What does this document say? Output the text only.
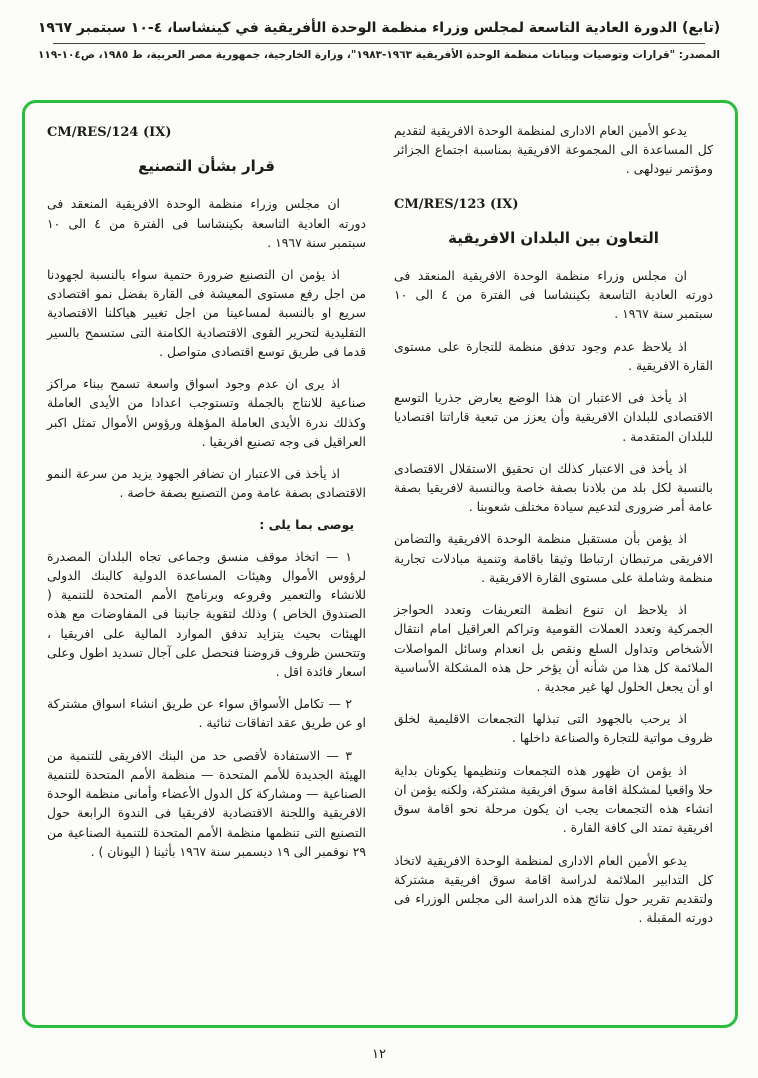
(تابع) الدورة العادية التاسعة لمجلس وزراء منظمة الوحدة الأفريقية في كينشاسا، ٤-١٠ سبتمبر ١٩٦٧
المصدر: "قرارات وتوصيات وبيانات منظمة الوحدة الأفريقية ١٩٦٣-١٩٨٣"، وزارة الخارجية، جمهورية مصر العربية، ط ١٩٨٥، ص١٠٤-١١٩

يدعو الأمين العام الادارى لمنظمة الوحدة الافريقية لتقديم كل المساعدة الى المجموعة الافريقية بمناسبة اجتماع الجزائر ومؤتمر نيودلهى .

CM/RES/123 (IX)
التعاون بين البلدان الافريقية

ان مجلس وزراء منظمة الوحدة الافريقية المنعقد فى دورته العادية التاسعة بكينشاسا فى الفترة من ٤ الى ١٠ سبتمبر سنة ١٩٦٧ .

اذ يلاحظ عدم وجود تدفق منظمة للتجارة على مستوى القارة الافريقية .

اذ يأخذ فى الاعتبار ان هذا الوضع يعارض جذريا التوسع الاقتصادى للبلدان الافريقية وأن يعزز من تبعية قاراتنا اقتصاديا للبلدان المتقدمة .

اذ يأخذ فى الاعتبار كذلك ان تحقيق الاستقلال الاقتصادى بالنسبة لكل بلد من بلادنا بصفة خاصة وبالنسبة لافريقيا بصفة عامة أمر ضرورى لتدعيم سيادة مختلف شعوبنا .

اذ يؤمن بأن مستقبل منظمة الوحدة الافريقية والتضامن الافريقى مرتبطان ارتباطا وثيقا باقامة وتنمية مبادلات تجارية منظمة وشاملة على مستوى القارة الافريقية .

اذ يلاحظ ان تنوع انظمة التعريفات وتعدد الحواجز الجمركية وتعدد العملات القومية وتراكم العراقيل امام انتقال الأشخاص وتداول السلع ونقص بل انعدام وسائل المواصلات الملائمة كل هذا من شأنه أن يؤخر حل هذه المشكلة الأساسية او أن يجعل الحلول لها غير مجدية .

اذ يرحب بالجهود التى تبذلها التجمعات الاقليمية لخلق ظروف مواتية للتجارة والصناعة داخلها .

اذ يؤمن ان ظهور هذه التجمعات وتنظيمها يكونان بداية حلا واقعيا لمشكلة اقامة سوق افريقية مشتركة، ولكنه يؤمن ان انشاء هذه التجمعات يجب ان يكون مرحلة نحو اقامة سوق افريقية تمتد الى كافة القارة .

يدعو الأمين العام الادارى لمنظمة الوحدة الافريقية لاتخاذ كل التدابير الملائمة لدراسة اقامة سوق افريقية مشتركة ولتقديم تقرير حول نتائج هذه الدراسة الى مجلس الوزراء فى دورته المقبلة .

CM/RES/124 (IX)
قرار بشأن التصنيع

ان مجلس وزراء منظمة الوحدة الافريقية المنعقد فى دورته العادية التاسعة بكينشاسا فى الفترة من ٤ الى ١٠ سبتمبر سنة ١٩٦٧ .

اذ يؤمن ان التصنيع ضرورة حتمية سواء بالنسبة لجهودنا من اجل رفع مستوى المعيشة فى القارة بفضل نمو اقتصادى سريع او بالنسبة لمساعينا من اجل تغيير هياكلنا الاقتصادية التقليدية لتحرير القوى الاقتصادية الكامنة التى ستسمح بالسير قدما فى طريق توسع اقتصادى متواصل .

اذ يرى ان عدم وجود اسواق واسعة تسمح ببناء مراكز صناعية للانتاج بالجملة وتستوجب اعدادا من الأيدى العاملة وكذلك ندرة الأيدى العاملة المؤهلة ورؤوس الأموال تمثل اكبر العراقيل فى وجه تصنيع افريقيا .

اذ يأخذ فى الاعتبار ان تضافر الجهود يزيد من سرعة النمو الاقتصادى بصفة عامة ومن التصنيع بصفة خاصة .

يوصى بما يلى :

١ — اتخاذ موقف منسق وجماعى تجاه البلدان المصدرة لرؤوس الأموال وهيئات المساعدة الدولية كالبنك الدولى للانشاء والتعمير وفروعه وبرنامج الأمم المتحدة للتنمية ( الصندوق الخاص ) وذلك لتقوية جانبنا فى المفاوضات مع هذه الهيئات بحيث يتزايد تدفق الموارد المالية على افريقيا ، وتتحسن ظروف قروضنا فنحصل على آجال تسديد اطول وعلى اسعار فائدة اقل .

٢ — تكامل الأسواق سواء عن طريق انشاء اسواق مشتركة او عن طريق عقد اتفاقات ثنائية .

٣ — الاستفادة لأقصى حد من البنك الافريقى للتنمية من الهيئة الجديدة للأمم المتحدة — منظمة الأمم المتحدة للتنمية الصناعية — ومشاركة كل الدول الأعضاء وأمانى منظمة الوحدة الافريقية واللجنة الاقتصادية لافريقيا فى الندوة الرابعة حول التصنيع التى تنظمها منظمة الأمم المتحدة للتنمية الصناعية من ٢٩ نوفمبر الى ١٩ ديسمبر سنة ١٩٦٧ بأثينا ( اليونان ) .

١٢
